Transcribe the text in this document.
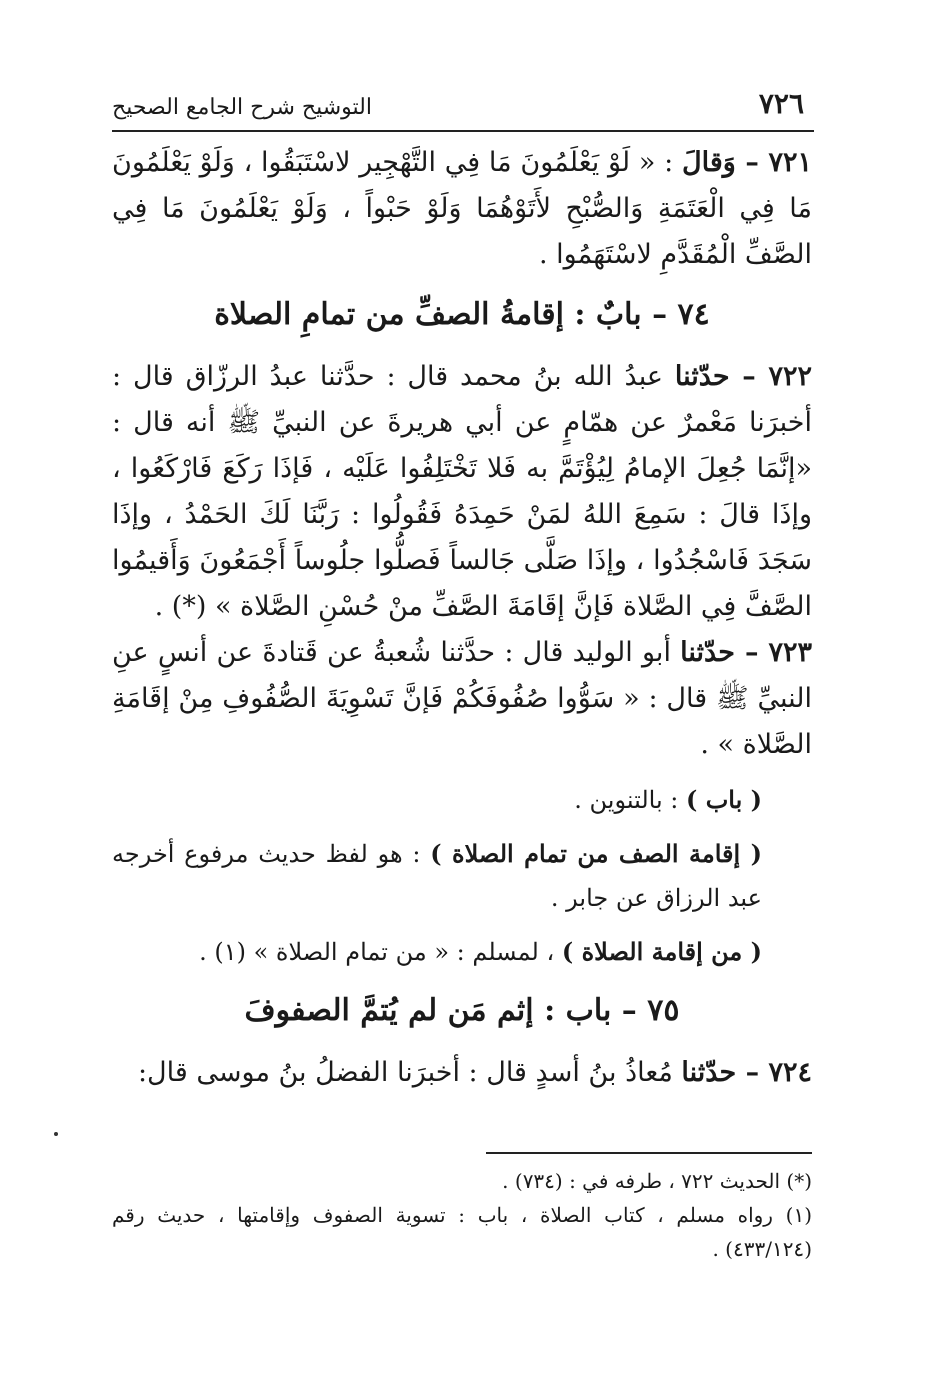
٧٢٦
التوشيح شرح الجامع الصحيح

٧٢١ – وَقالَ : « لَوْ يَعْلَمُونَ مَا فِي التَّهْجِير لاسْتَبَقُوا ، وَلَوْ يَعْلَمُونَ مَا فِي الْعَتَمَةِ وَالصُّبْحِ لأَتَوْهُمَا وَلَوْ حَبْواً ، وَلَوْ يَعْلَمُونَ مَا فِي الصَّفِّ الْمُقَدَّمِ لاسْتَهَمُوا .

٧٤ – بابٌ : إقامةُ الصفِّ من تمامِ الصلاة

٧٢٢ – حدّثنا عبدُ الله بنُ محمد قال : حدَّثنا عبدُ الرزّاق قال : أخبرَنا مَعْمرٌ عن همّامٍ عن أبي هريرةَ عن النبيِّ ﷺ أنه قال : «إنَّمَا جُعِلَ الإمامُ لِيُؤْتَمَّ به فَلا تَخْتَلِفُوا عَلَيْه ، فَإذَا رَكَعَ فَارْكَعُوا ، وإذَا قالَ : سَمِعَ اللهُ لمَنْ حَمِدَهُ فَقُولُوا : رَبَّنَا لَكَ الحَمْدُ ، وإذَا سَجَدَ فَاسْجُدُوا ، وإذَا صَلَّى جَالساً فَصلُّوا جلُوساً أَجْمَعُونَ وَأَقيمُوا الصَّفَّ فِي الصَّلاة فَإنَّ إقَامَةَ الصَّفِّ منْ حُسْنِ الصَّلاة » (*) .

٧٢٣ – حدّثنا أبو الوليد قال : حدَّثنا شُعبةُ عن قَتادةَ عن أنسٍ عنِ النبيِّ ﷺ قال : « سَوُّوا صُفُوفَكُمْ فَإنَّ تَسْوِيَةَ الصُّفُوفِ مِنْ إقَامَةِ الصَّلاة » .

( باب ) : بالتنوين .

( إقامة الصف من تمام الصلاة ) : هو لفظ حديث مرفوع أخرجه عبد الرزاق عن جابر .

( من إقامة الصلاة ) ، لمسلم : « من تمام الصلاة » (١) .

٧٥ – باب : إثم مَن لم يُتمَّ الصفوفَ

٧٢٤ – حدّثنا مُعاذُ بنُ أسدٍ قال : أخبرَنا الفضلُ بنُ موسى قال:

(*) الحديث ٧٢٢ ، طرفه في : (٧٣٤) .

(١) رواه مسلم ، كتاب الصلاة ، باب : تسوية الصفوف وإقامتها ، حديث رقم (٤٣٣/١٢٤) .
